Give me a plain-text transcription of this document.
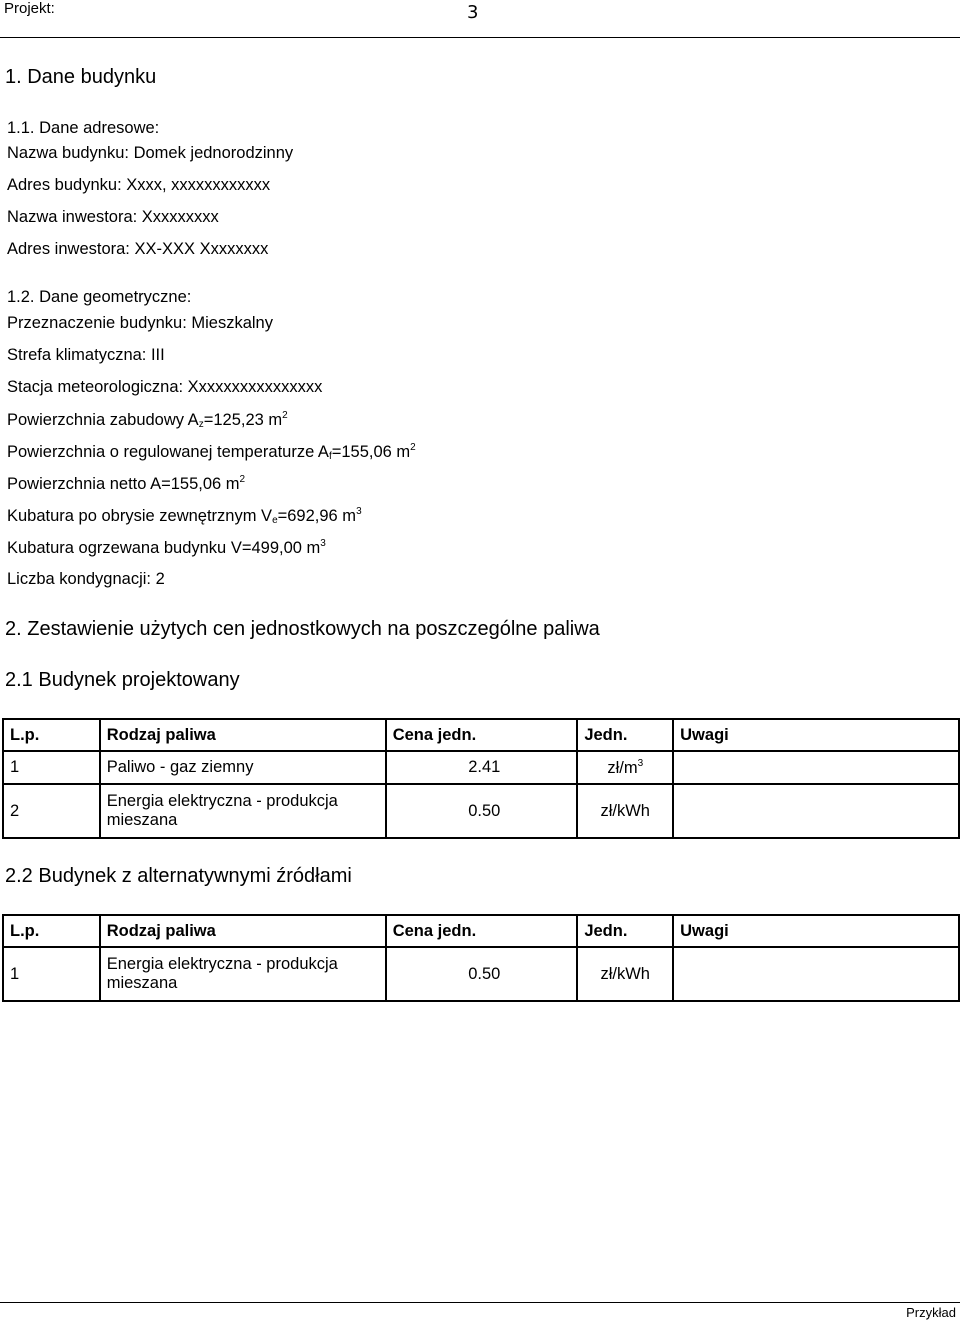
Projekt:	3
1. Dane budynku
1.1. Dane adresowe:
Nazwa budynku: Domek jednorodzinny
Adres budynku: Xxxx, xxxxxxxxxxxx
Nazwa inwestora: Xxxxxxxxx
Adres inwestora: XX-XXX Xxxxxxxx
1.2. Dane geometryczne:
Przeznaczenie budynku: Mieszkalny
Strefa klimatyczna: III
Stacja meteorologiczna: Xxxxxxxxxxxxxxxx
Powierzchnia zabudowy $A_z=125,23$ $m^2$
Powierzchnia o regulowanej temperaturze $A_f=155,06$ $m^2$
Powierzchnia netto A=155,06 $m^2$
Kubatura po obrysie zewnętrznym $V_e=692,96$ $m^3$
Kubatura ogrzewana budynku V=499,00 $m^3$
Liczba kondygnacji: 2
2. Zestawienie użytych cen jednostkowych na poszczególne paliwa
2.1 Budynek projektowany
L.p.	Rodzaj paliwa	Cena jedn.	Jedn.	Uwagi
1	Paliwo - gaz ziemny	2.41	$zł/m^3$	
2	Energia elektryczna - produkcja mieszana	0.50	zł/kWh	
2.2 Budynek z alternatywnymi źródłami
L.p.	Rodzaj paliwa	Cena jedn.	Jedn.	Uwagi
1	Energia elektryczna - produkcja mieszana	0.50	zł/kWh	
Przykład
